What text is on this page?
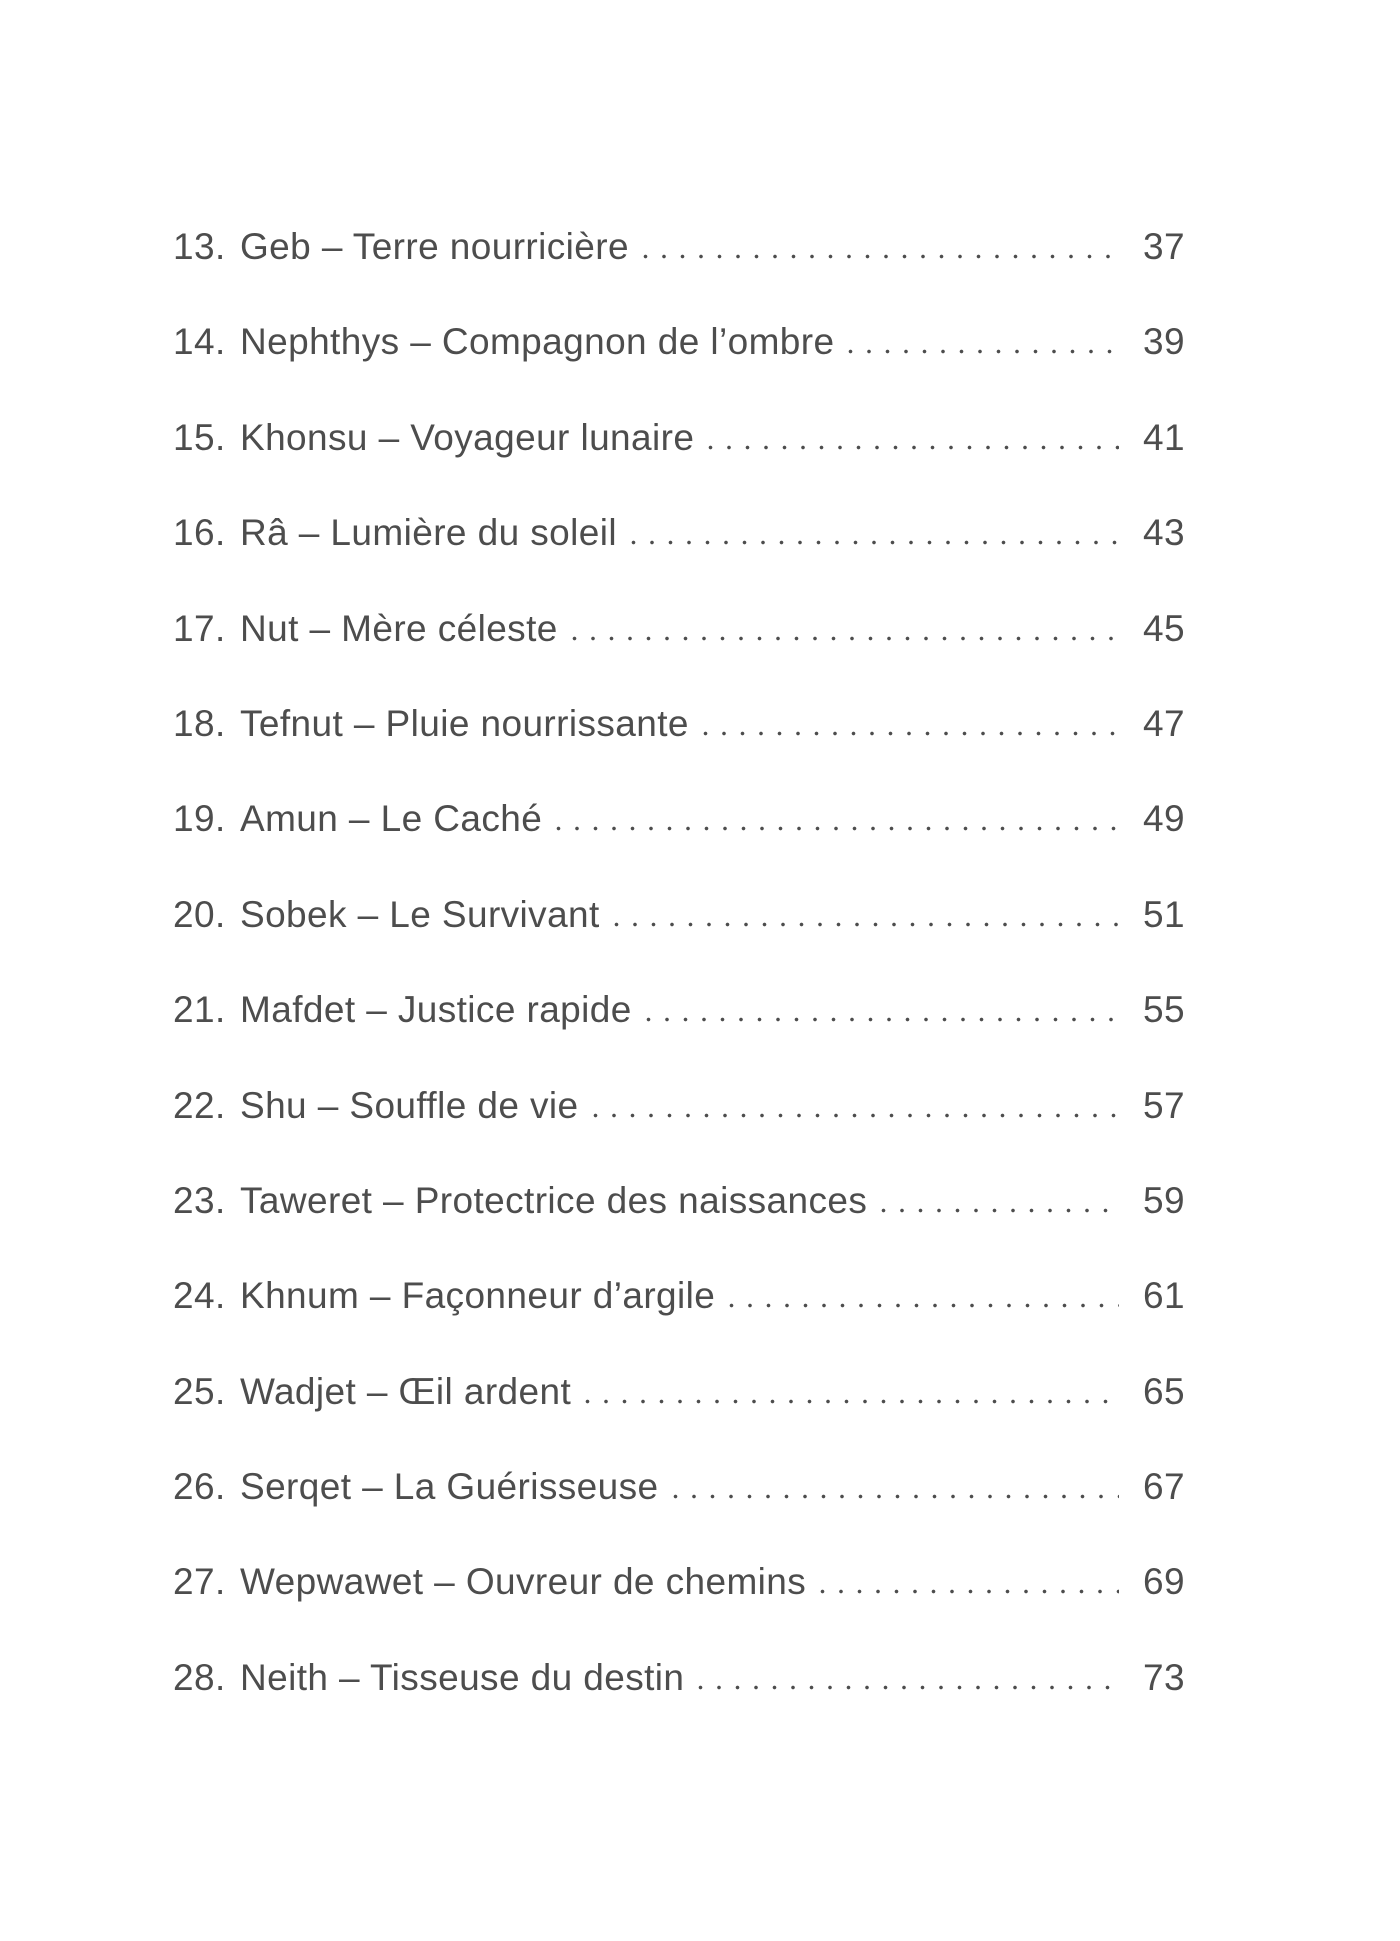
13. Geb – Terre nourricière	37
14. Nephthys – Compagnon de l’ombre	39
15. Khonsu – Voyageur lunaire	41
16. Râ – Lumière du soleil	43
17. Nut – Mère céleste	45
18. Tefnut – Pluie nourrissante	47
19. Amun – Le Caché	49
20. Sobek – Le Survivant	51
21. Mafdet – Justice rapide	55
22. Shu – Souffle de vie	57
23. Taweret – Protectrice des naissances	59
24. Khnum – Façonneur d’argile	61
25. Wadjet – Œil ardent	65
26. Serqet – La Guérisseuse	67
27. Wepwawet – Ouvreur de chemins	69
28. Neith – Tisseuse du destin	73
